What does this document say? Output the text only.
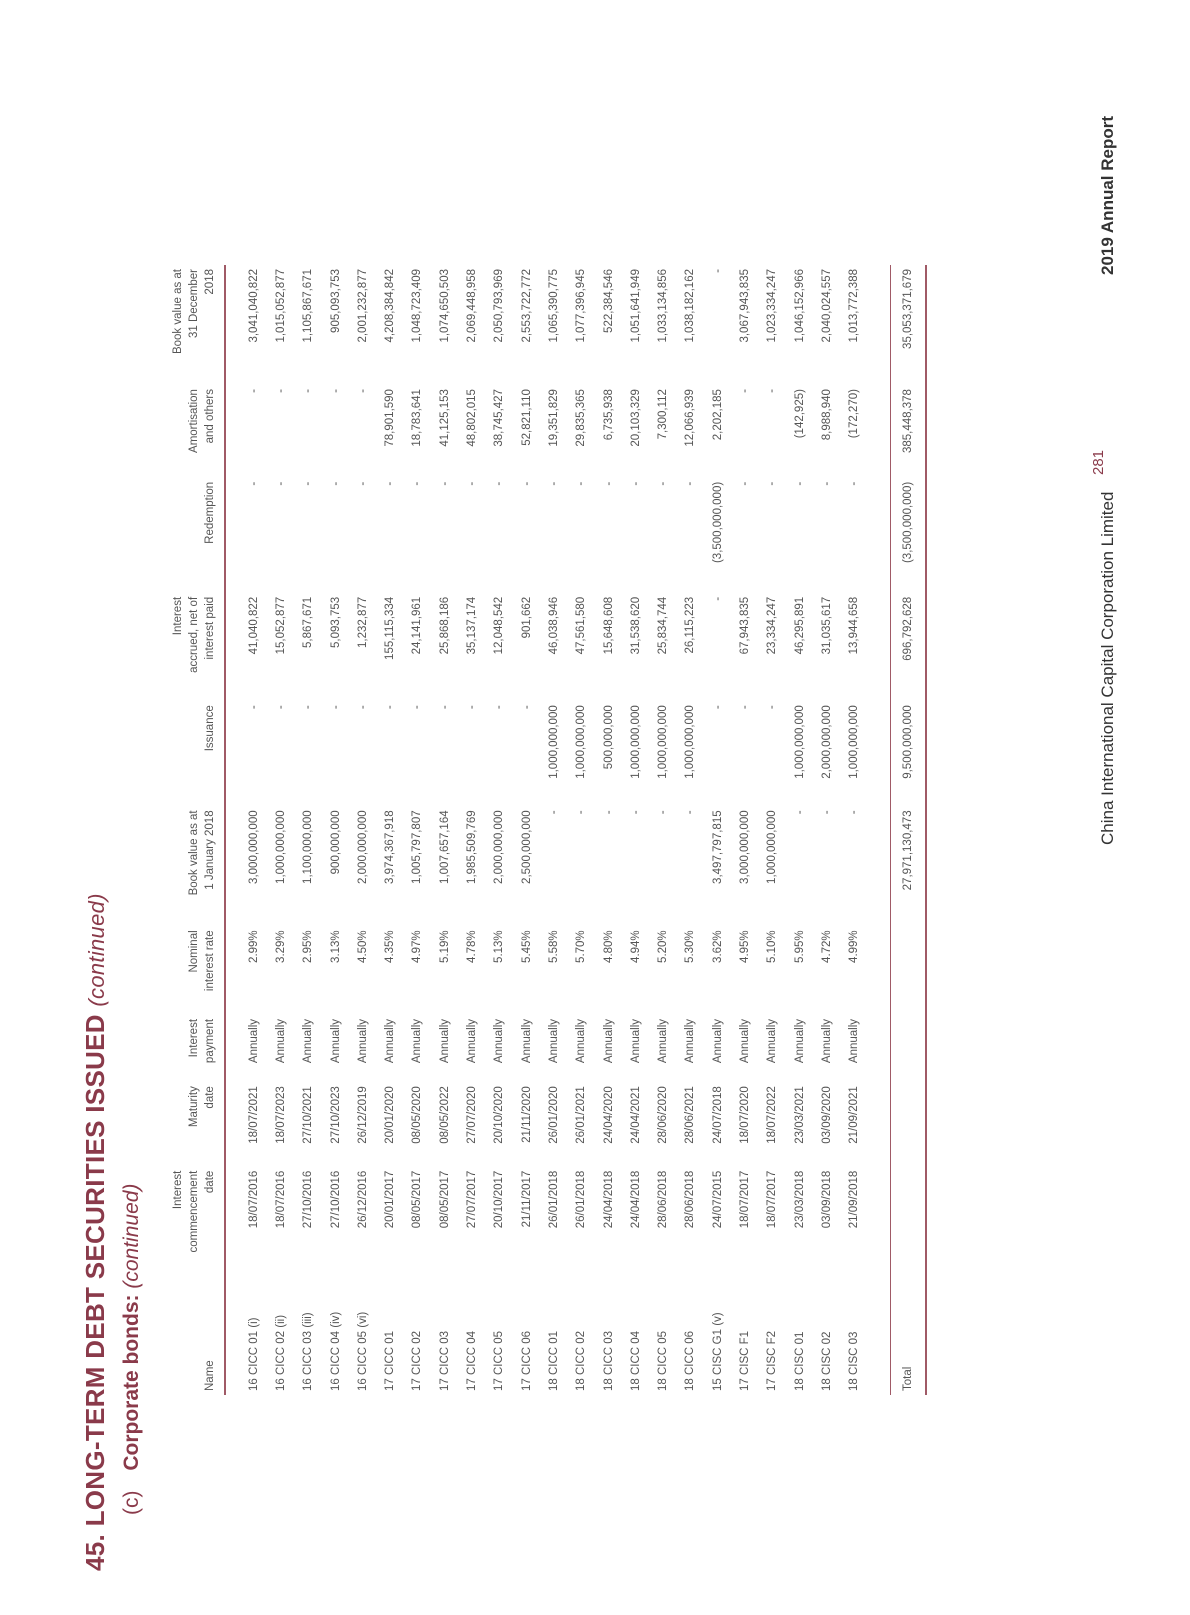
45. LONG-TERM DEBT SECURITIES ISSUED (continued)
(c) Corporate bonds: (continued)
Name	Interest commencement date	Maturity date	Interest payment	Nominal interest rate	Book value as at 1 January 2018	Issuance	Interest accrued, net of interest paid	Redemption	Amortisation and others	Book value as at 31 December 2018
16 CICC 01 (i)	18/07/2016	18/07/2021	Annually	2.99%	3,000,000,000	-	41,040,822	-	-	3,041,040,822
16 CICC 02 (ii)	18/07/2016	18/07/2023	Annually	3.29%	1,000,000,000	-	15,052,877	-	-	1,015,052,877
16 CICC 03 (iii)	27/10/2016	27/10/2021	Annually	2.95%	1,100,000,000	-	5,867,671	-	-	1,105,867,671
16 CICC 04 (iv)	27/10/2016	27/10/2023	Annually	3.13%	900,000,000	-	5,093,753	-	-	905,093,753
16 CICC 05 (vi)	26/12/2016	26/12/2019	Annually	4.50%	2,000,000,000	-	1,232,877	-	-	2,001,232,877
17 CICC 01	20/01/2017	20/01/2020	Annually	4.35%	3,974,367,918	-	155,115,334	-	78,901,590	4,208,384,842
17 CICC 02	08/05/2017	08/05/2020	Annually	4.97%	1,005,797,807	-	24,141,961	-	18,783,641	1,048,723,409
17 CICC 03	08/05/2017	08/05/2022	Annually	5.19%	1,007,657,164	-	25,868,186	-	41,125,153	1,074,650,503
17 CICC 04	27/07/2017	27/07/2020	Annually	4.78%	1,985,509,769	-	35,137,174	-	48,802,015	2,069,448,958
17 CICC 05	20/10/2017	20/10/2020	Annually	5.13%	2,000,000,000	-	12,048,542	-	38,745,427	2,050,793,969
17 CICC 06	21/11/2017	21/11/2020	Annually	5.45%	2,500,000,000	-	901,662	-	52,821,110	2,553,722,772
18 CICC 01	26/01/2018	26/01/2020	Annually	5.58%	-	1,000,000,000	46,038,946	-	19,351,829	1,065,390,775
18 CICC 02	26/01/2018	26/01/2021	Annually	5.70%	-	1,000,000,000	47,561,580	-	29,835,365	1,077,396,945
18 CICC 03	24/04/2018	24/04/2020	Annually	4.80%	-	500,000,000	15,648,608	-	6,735,938	522,384,546
18 CICC 04	24/04/2018	24/04/2021	Annually	4.94%	-	1,000,000,000	31,538,620	-	20,103,329	1,051,641,949
18 CICC 05	28/06/2018	28/06/2020	Annually	5.20%	-	1,000,000,000	25,834,744	-	7,300,112	1,033,134,856
18 CICC 06	28/06/2018	28/06/2021	Annually	5.30%	-	1,000,000,000	26,115,223	-	12,066,939	1,038,182,162
15 CISC G1 (v)	24/07/2015	24/07/2018	Annually	3.62%	3,497,797,815	-	-	(3,500,000,000)	2,202,185	-
17 CISC F1	18/07/2017	18/07/2020	Annually	4.95%	3,000,000,000	-	67,943,835	-	-	3,067,943,835
17 CISC F2	18/07/2017	18/07/2022	Annually	5.10%	1,000,000,000	-	23,334,247	-	-	1,023,334,247
18 CISC 01	23/03/2018	23/03/2021	Annually	5.95%	-	1,000,000,000	46,295,891	-	(142,925)	1,046,152,966
18 CISC 02	03/09/2018	03/09/2020	Annually	4.72%	-	2,000,000,000	31,035,617	-	8,988,940	2,040,024,557
18 CISC 03	21/09/2018	21/09/2021	Annually	4.99%	-	1,000,000,000	13,944,658	-	(172,270)	1,013,772,388

Total					27,971,130,473	9,500,000,000	696,792,628	(3,500,000,000)	385,448,378	35,053,371,679
China International Capital Corporation Limited
281
2019 Annual Report
